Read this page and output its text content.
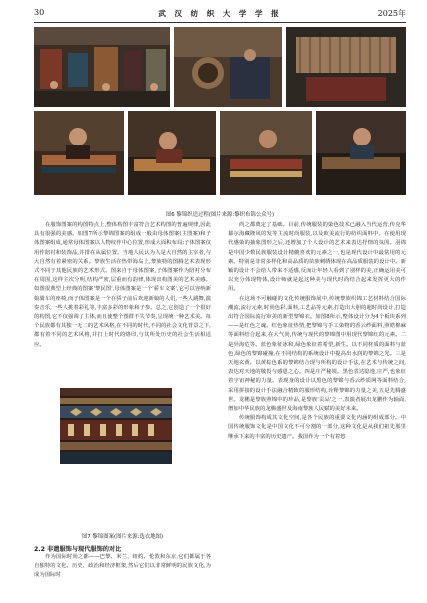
30	武 汉 纺 织 大 学 学 报	2025年
图6 黎锦织造过程(图片来源:黎织布锦公众号)

在服饰图案的构图特点上,整体构图丰富符合艺术构图的普遍规律,因此具有很强的美感。如图7所示黎锦图案的组成一般由母体图案(主图案)和子体图案组成,通常母体图案以人物纹作中心位置,形成大面积布局;子体图案仅用作陪衬和装饰品,并排在从属位置。当地人民认为人是大自然的主宰者,与大自然有着紧密的关系。黎族生活在热带海岛上,黎族特的图腾艺术表现形式不同于其他民族的艺术形式。图来自于母体图案,子体图案作为陪衬分布在周围,这样主次分明,结构严密,层重而有韵律,体现出构图美的艺术美感。如图很典型上经典的图案'黎民图',母体图案是一个'骄车文案',它可以容纳新娘骑车的座椅,而子体图案是一个在骄子前后欢迎新娘的人们,一些人跳舞,演奏音乐,一些人挑着彩礼等,丰富多彩的形象和子参。总之,它创造了一个很好的构图,它不仅强调了主体,而且使整个图群不失节奏,呈现统一种艺术美。每个民族都有其独一无二的艺术风格,在不同的时代,不同的社会文化背景之下,都有着不同的艺术风格,并打上时代的烙印,与其所处历史的社会生活相适应。

图7 黎锦图案(图片来源:选衣地图)
2.2 非遗服饰与现代服饰的对比

作为国际时尚之都——巴黎、米兰、纽约、伦敦和东京,它们都属于各自独特的文化、历史、政治和经济框架,然后它们以非常鲜明的民族文化,为成为国际时

尚之都奠定了基础。目前,传统服装的染色技术已融入当代运营,传克华幕尔海藏隆风的发等主流时尚服装,以及欧美流行的纺织面料中。在使用现代感染的抽象图形之后,还增加了个人设计的艺术来表达抒情的氛围。羽绵是中国少数民族服装设计精髓喜欢的元素之一,也是现代设计中最常用的元素。特别是非常多样化和高品质的苗族刺绣体现在高品质服装的设计中。新颖的设计不会给人带来不适感,反而让年轻人看到了别样的美,正确运用美可以充分体现物体,设计师就是起这种美与现代时尚结合起来发挥更大的作用。

在这场不可触碰的文化传统服饰展中,传统黎族织锦工艺材料结合国际潮流,流行元素,时尚色彩,面料,工艺品等元素,打造出大胆的超时尚设计,打造出符合国际流行审美的新型黎锦衣。如图8所示,整体设计分为4个板块系列——是红色之魂。红色象征热情,把黎锦与手工染物的香云纱面料,照皓棉麻等面料结合起来,在大气尚,传统与现代的黎锦图中用现代黎锦红的元素。二是异海危等。蓝色象征冰和,绿色象征着希望,新生。以不同材质的面料与蓝色,绿色的黎锦碰撞,在不同结构的系统设计中提高出水润的黎锦之光。三是天地玄黄。以黄棕色系的黎锦结合现与所构的设计手法,在艺术与传统之间,表达对天地的敬畏与感恩之心。四是庄严秘境。黑色表达隐逸,庄严,也象征着宇宙神秘的力量。表现身的设计以黑色的黎锦与香云纱质网等面料结合,采用拼接的设计手法融合精致的服形结构,诠释黎锦的力量之美,五是先腾盛世。龙鹏是黎族照锦中的珍品,是黎族'贡品'之一,表演者展出龙鹏作为轴面,增加中华民族的龙腾盛世及海南黎族人民赋的美好未来。

传统服饰构成其文化空间,是各个民族的重要文化内涵的组成部分。中国传统服饰文化是中国文化不可分割的一部分,这种文化是从我们祖先那里继承下来的丰富的历史遗产。我国作为一个有着悠
